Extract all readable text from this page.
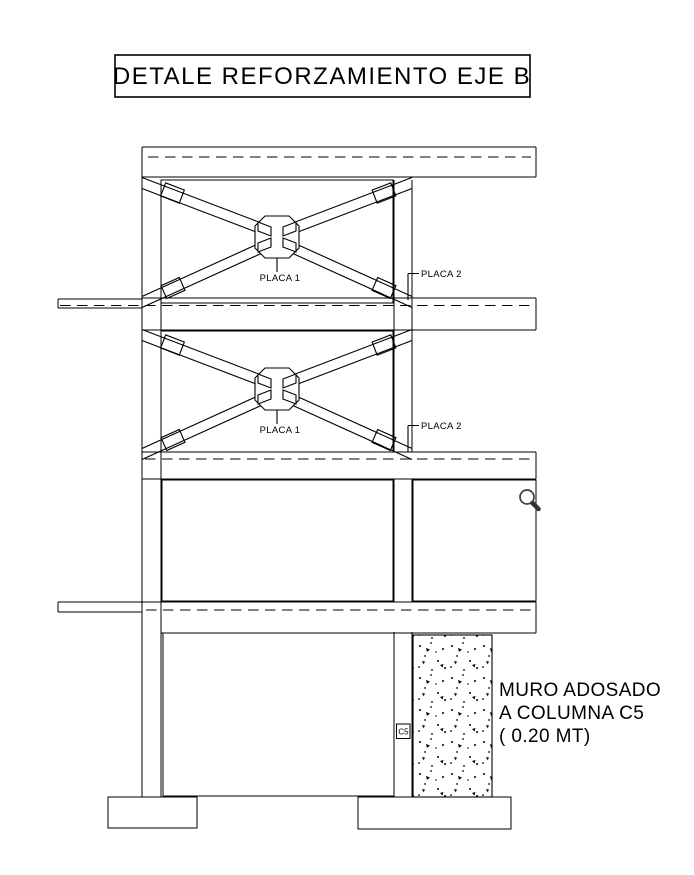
DETALE REFORZAMIENTO EJE B
PLACA 1	PLACA 2
PLACA 1	PLACA 2
C5
MURO ADOSADO
A COLUMNA C5
( 0.20 MT)
